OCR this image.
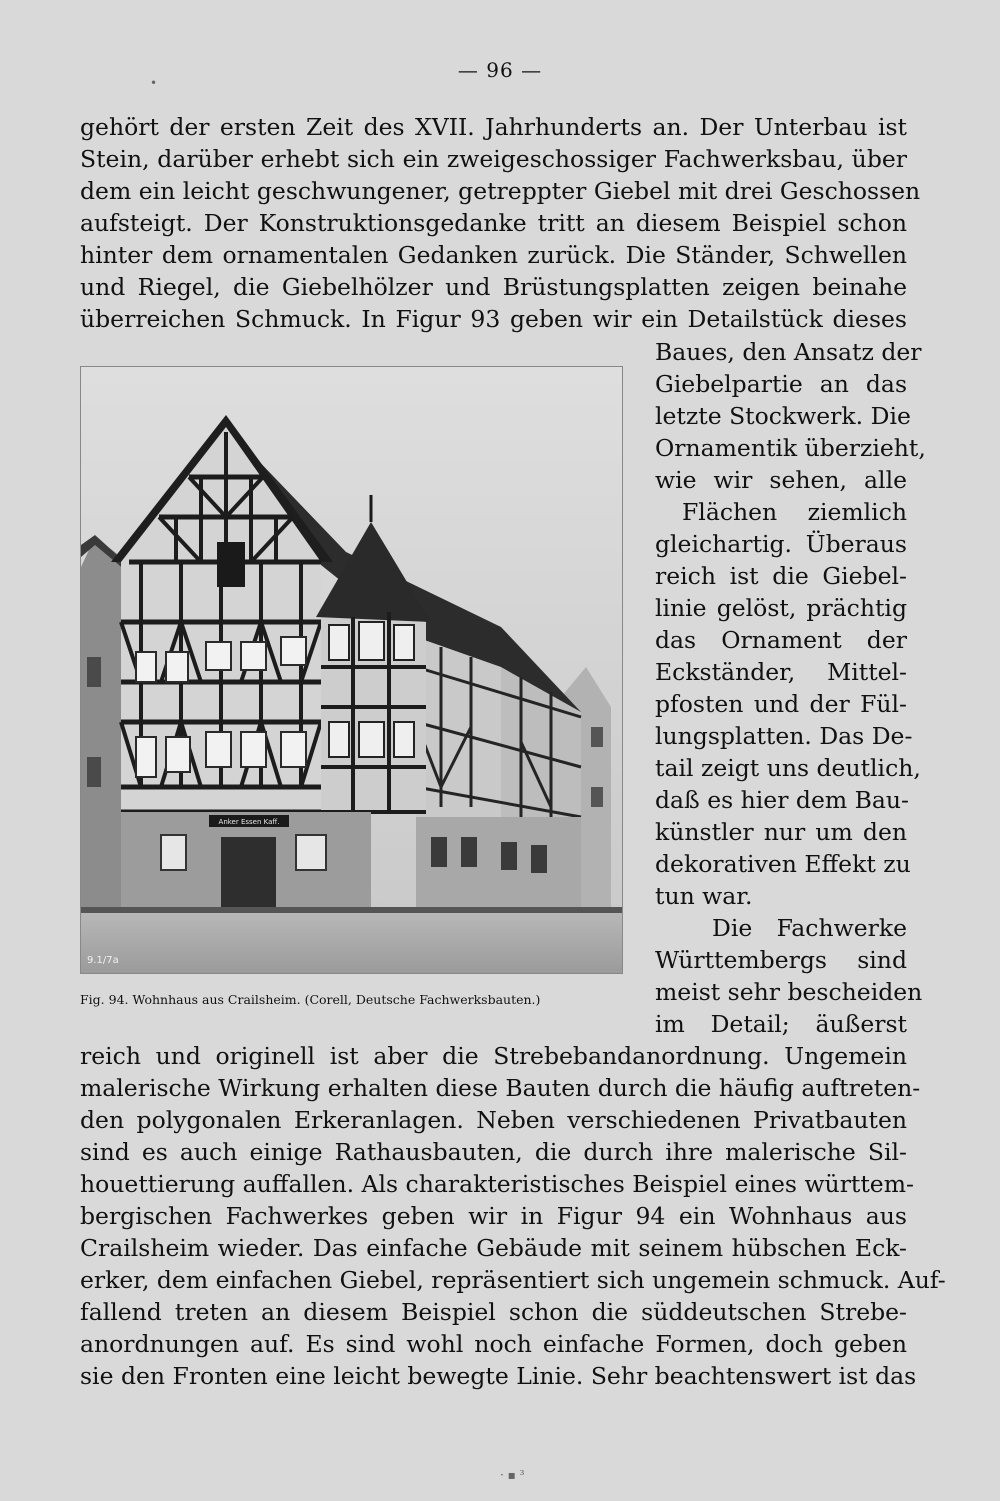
— 96 —
•
gehört der ersten Zeit des XVII. Jahrhunderts an. Der Unterbau ist
Stein, darüber erhebt sich ein zweigeschossiger Fachwerksbau, über
dem ein leicht geschwungener, getreppter Giebel mit drei Geschossen
aufsteigt. Der Konstruktionsgedanke tritt an diesem Beispiel schon
hinter dem ornamentalen Gedanken zurück. Die Ständer, Schwellen
und Riegel, die Giebelhölzer und Brüstungsplatten zeigen beinahe
überreichen Schmuck. In Figur 93 geben wir ein Detailstück dieses
Anker Essen Kaff.
9.1/7a
Fig. 94. Wohnhaus aus Crailsheim. (Corell, Deutsche Fachwerksbauten.)
Baues, den Ansatz der
Giebelpartie an das
letzte Stockwerk. Die
Ornamentik überzieht,
wie wir sehen, alle
Flächen ziemlich
gleichartig. Überaus
reich ist die Giebel-
linie gelöst, prächtig
das Ornament der
Eckständer, Mittel-
pfosten und der Fül-
lungsplatten. Das De-
tail zeigt uns deutlich,
daß es hier dem Bau-
künstler nur um den
dekorativen Effekt zu
tun war.
Die Fachwerke
Württembergs sind
meist sehr bescheiden
im Detail; äußerst
reich und originell ist aber die Strebebandanordnung. Ungemein
malerische Wirkung erhalten diese Bauten durch die häufig auftreten-
den polygonalen Erkeranlagen. Neben verschiedenen Privatbauten
sind es auch einige Rathausbauten, die durch ihre malerische Sil-
houettierung auffallen. Als charakteristisches Beispiel eines württem-
bergischen Fachwerkes geben wir in Figur 94 ein Wohnhaus aus
Crailsheim wieder. Das einfache Gebäude mit seinem hübschen Eck-
erker, dem einfachen Giebel, repräsentiert sich ungemein schmuck. Auf-
fallend treten an diesem Beispiel schon die süddeutschen Strebe-
anordnungen auf. Es sind wohl noch einfache Formen, doch geben
sie den Fronten eine leicht bewegte Linie. Sehr beachtenswert ist das
· ▪ ³
